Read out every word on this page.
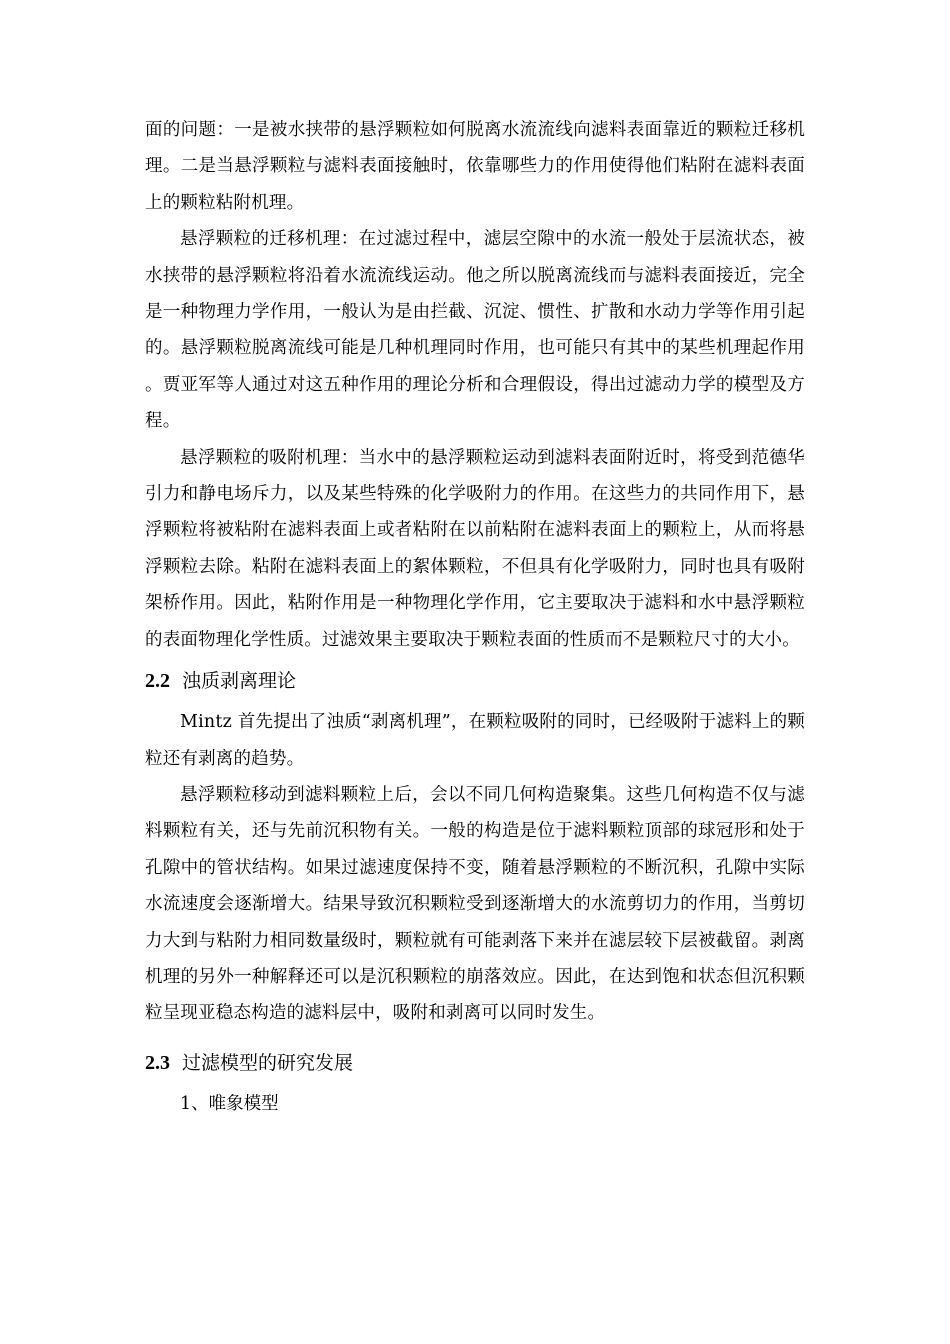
面的问题：一是被水挟带的悬浮颗粒如何脱离水流流线向滤料表面靠近的颗粒迁移机理。二是当悬浮颗粒与滤料表面接触时，依靠哪些力的作用使得他们粘附在滤料表面上的颗粒粘附机理。

悬浮颗粒的迁移机理：在过滤过程中，滤层空隙中的水流一般处于层流状态，被水挟带的悬浮颗粒将沿着水流流线运动。他之所以脱离流线而与滤料表面接近，完全是一种物理力学作用，一般认为是由拦截、沉淀、惯性、扩散和水动力学等作用引起的。悬浮颗粒脱离流线可能是几种机理同时作用，也可能只有其中的某些机理起作用。贾亚军等人通过对这五种作用的理论分析和合理假设，得出过滤动力学的模型及方程。

悬浮颗粒的吸附机理：当水中的悬浮颗粒运动到滤料表面附近时，将受到范德华引力和静电场斥力，以及某些特殊的化学吸附力的作用。在这些力的共同作用下，悬浮颗粒将被粘附在滤料表面上或者粘附在以前粘附在滤料表面上的颗粒上，从而将悬浮颗粒去除。粘附在滤料表面上的絮体颗粒，不但具有化学吸附力，同时也具有吸附架桥作用。因此，粘附作用是一种物理化学作用，它主要取决于滤料和水中悬浮颗粒的表面物理化学性质。过滤效果主要取决于颗粒表面的性质而不是颗粒尺寸的大小。

2.2 浊质剥离理论

Mintz 首先提出了浊质“剥离机理”，在颗粒吸附的同时，已经吸附于滤料上的颗粒还有剥离的趋势。

悬浮颗粒移动到滤料颗粒上后，会以不同几何构造聚集。这些几何构造不仅与滤料颗粒有关，还与先前沉积物有关。一般的构造是位于滤料颗粒顶部的球冠形和处于孔隙中的管状结构。如果过滤速度保持不变，随着悬浮颗粒的不断沉积，孔隙中实际水流速度会逐渐增大。结果导致沉积颗粒受到逐渐增大的水流剪切力的作用，当剪切力大到与粘附力相同数量级时，颗粒就有可能剥落下来并在滤层较下层被截留。剥离机理的另外一种解释还可以是沉积颗粒的崩落效应。因此，在达到饱和状态但沉积颗粒呈现亚稳态构造的滤料层中，吸附和剥离可以同时发生。

2.3 过滤模型的研究发展

1、唯象模型
